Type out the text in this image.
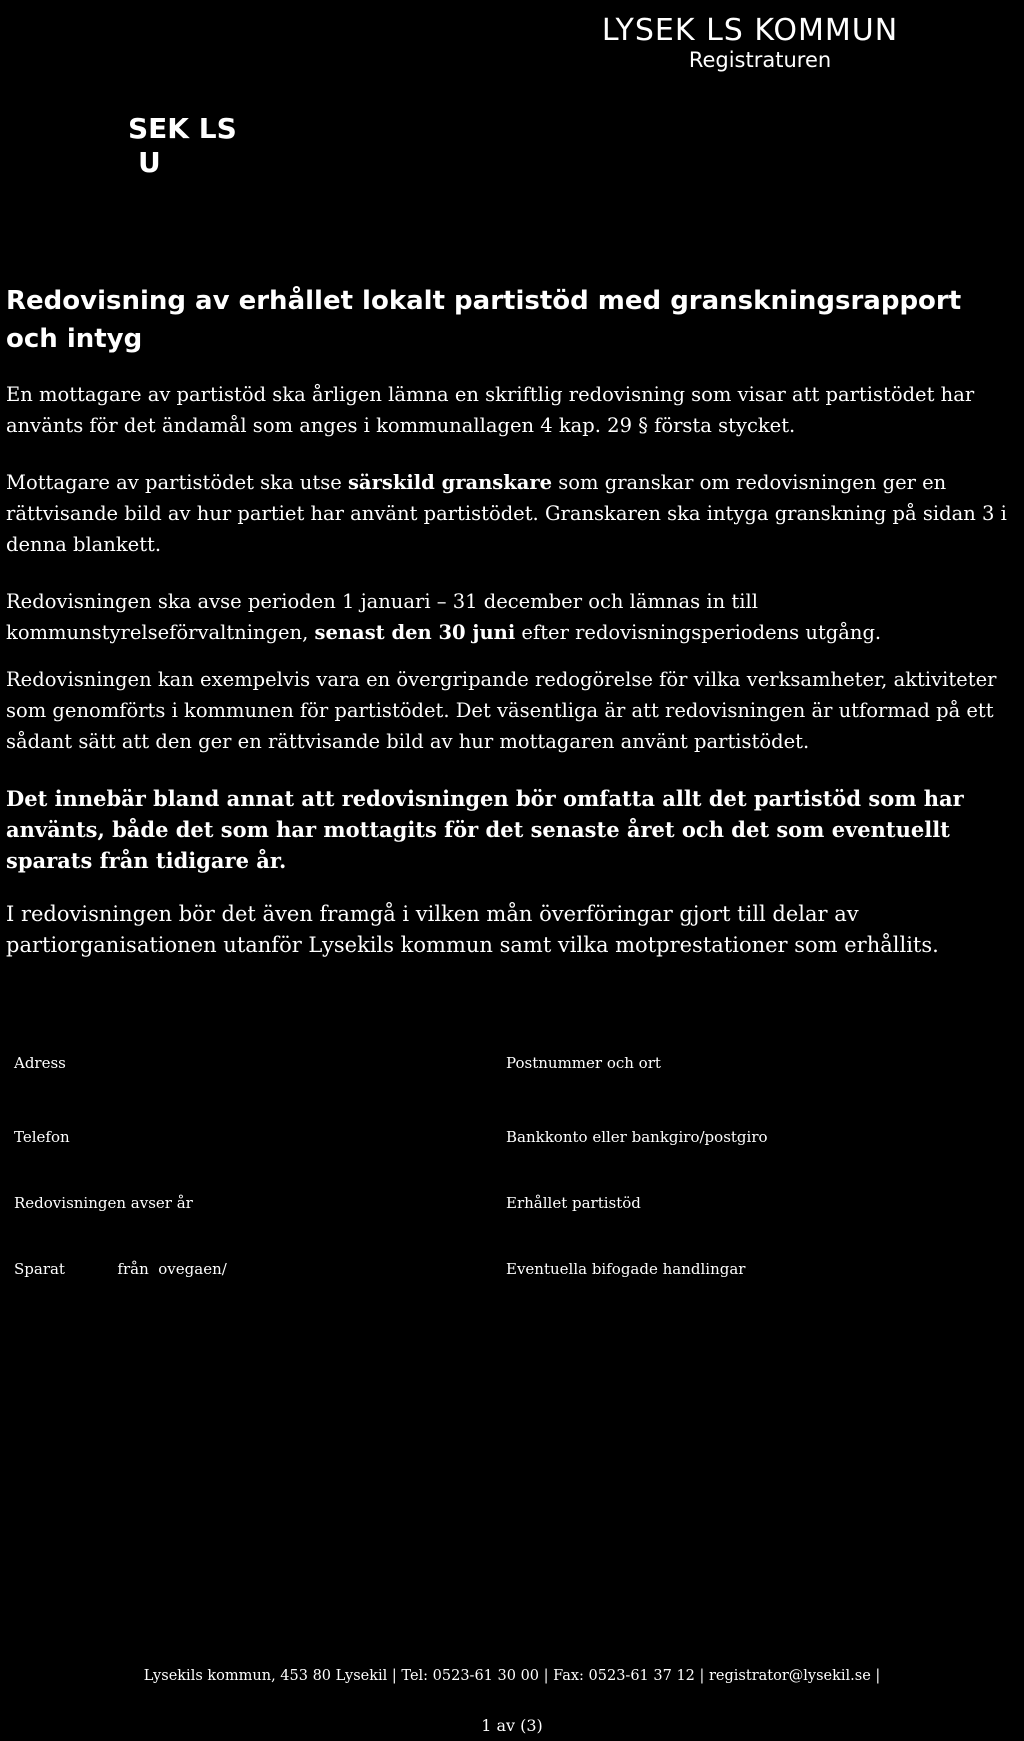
LYSEK LS KOMMUN
Registraturen
SEK LS
U
Redovisning av erhållet lokalt partistöd med granskningsrapport och intyg

En mottagare av partistöd ska årligen lämna en skriftlig redovisning som visar att partistödet har använts för det ändamål som anges i kommunallagen 4 kap. 29 § första stycket.

Mottagare av partistödet ska utse särskild granskare som granskar om redovisningen ger en rättvisande bild av hur partiet har använt partistödet. Granskaren ska intyga granskning på sidan 3 i denna blankett.

Redovisningen ska avse perioden 1 januari – 31 december och lämnas in till kommunstyrelseförvaltningen, senast den 30 juni efter redovisningsperiodens utgång.

Redovisningen kan exempelvis vara en övergripande redogörelse för vilka verksamheter, aktiviteter som genomförts i kommunen för partistödet. Det väsentliga är att redovisningen är utformad på ett sådant sätt att den ger en rättvisande bild av hur mottagaren använt partistödet.

Det innebär bland annat att redovisningen bör omfatta allt det partistöd som har använts, både det som har mottagits för det senaste året och det som eventuellt sparats från tidigare år.

I redovisningen bör det även framgå i vilken mån överföringar gjort till delar av partiorganisationen utanför Lysekils kommun samt vilka motprestationer som erhållits.

Adress	Postnummer och ort
Telefon	Bankkonto eller bankgiro/postgiro
Redovisningen avser år	Erhållet partistöd
Sparat           från  ovegaen/	Eventuella bifogade handlingar
Lysekils kommun, 453 80 Lysekil | Tel: 0523-61 30 00 | Fax: 0523-61 37 12 | registrator@lysekil.se |
1 av (3)
